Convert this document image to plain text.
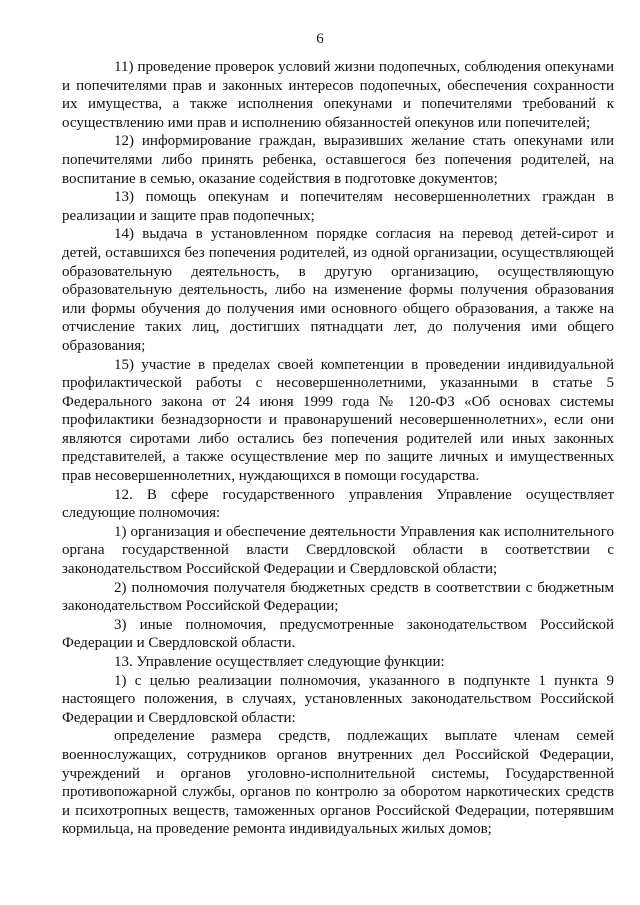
6

11) проведение проверок условий жизни подопечных, соблюдения опекунами и попечителями прав и законных интересов подопечных, обеспечения сохранности их имущества, а также исполнения опекунами и попечителями требований к осуществлению ими прав и исполнению обязанностей опекунов или попечителей;

12) информирование граждан, выразивших желание стать опекунами или попечителями либо принять ребенка, оставшегося без попечения родителей, на воспитание в семью, оказание содействия в подготовке документов;

13) помощь опекунам и попечителям несовершеннолетних граждан в реализации и защите прав подопечных;

14) выдача в установленном порядке согласия на перевод детей-сирот и детей, оставшихся без попечения родителей, из одной организации, осуществляющей образовательную деятельность, в другую организацию, осуществляющую образовательную деятельность, либо на изменение формы получения образования или формы обучения до получения ими основного общего образования, а также на отчисление таких лиц, достигших пятнадцати лет, до получения ими общего образования;

15) участие в пределах своей компетенции в проведении индивидуальной профилактической работы с несовершеннолетними, указанными в статье 5 Федерального закона от 24 июня 1999 года № 120-ФЗ «Об основах системы профилактики безнадзорности и правонарушений несовершеннолетних», если они являются сиротами либо остались без попечения родителей или иных законных представителей, а также осуществление мер по защите личных и имущественных прав несовершеннолетних, нуждающихся в помощи государства.

12. В сфере государственного управления Управление осуществляет следующие полномочия:

1) организация и обеспечение деятельности Управления как исполнительного органа государственной власти Свердловской области в соответствии с законодательством Российской Федерации и Свердловской области;

2) полномочия получателя бюджетных средств в соответствии с бюджетным законодательством Российской Федерации;

3) иные полномочия, предусмотренные законодательством Российской Федерации и Свердловской области.

13. Управление осуществляет следующие функции:

1) с целью реализации полномочия, указанного в подпункте 1 пункта 9 настоящего положения, в случаях, установленных законодательством Российской Федерации и Свердловской области:

определение размера средств, подлежащих выплате членам семей военнослужащих, сотрудников органов внутренних дел Российской Федерации, учреждений и органов уголовно-исполнительной системы, Государственной противопожарной службы, органов по контролю за оборотом наркотических средств и психотропных веществ, таможенных органов Российской Федерации, потерявшим кормильца, на проведение ремонта индивидуальных жилых домов;
